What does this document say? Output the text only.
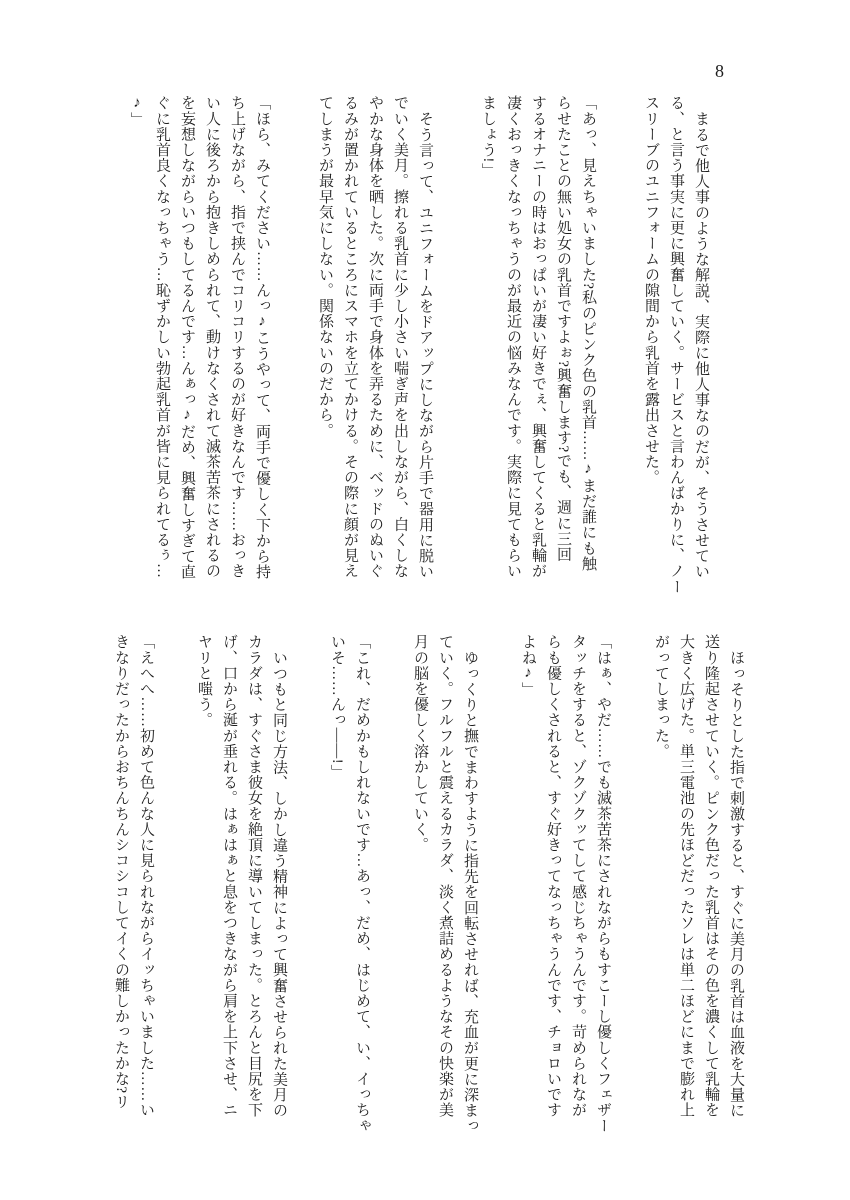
8
まるで他人事のような解説、実際に他人事なのだが、そうさせてい
る、と言う事実に更に興奮していく。サービスと言わんばかりに、ノー
スリーブのユニフォームの隙間から乳首を露出させた。
「あっ、見えちゃいました?私のピンク色の乳首……♪まだ誰にも触
らせたことの無い処女の乳首ですよぉ?興奮します?でも、週に三回
するオナニーの時はおっぱいが凄い好きでぇ、興奮してくると乳輪が
凄くおっきくなっちゃうのが最近の悩みなんです。実際に見てもらい
ましょう!」
そう言って、ユニフォームをドアップにしながら片手で器用に脱い
でいく美月。擦れる乳首に少し小さい喘ぎ声を出しながら、白くしな
やかな身体を晒した。次に両手で身体を弄るために、ベッドのぬいぐ
るみが置かれているところにスマホを立てかける。その際に顔が見え
てしまうが最早気にしない。関係ないのだから。
「ほら、みてください……んっ♪こうやって、両手で優しく下から持
ち上げながら、指で挟んでコリコリするのが好きなんです……おっき
い人に後ろから抱きしめられて、動けなくされて滅茶苦茶にされるの
を妄想しながらいつもしてるんです…んぁっ♪だめ、興奮しすぎて直
ぐに乳首良くなっちゃう…恥ずかしい勃起乳首が皆に見られてるぅ…
♪」
ほっそりとした指で刺激すると、すぐに美月の乳首は血液を大量に
送り隆起させていく。ピンク色だった乳首はその色を濃くして乳輪を
大きく広げた。単三電池の先ほどだったソレは単二ほどにまで膨れ上
がってしまった。
「はぁ、やだ……でも滅茶苦茶にされながらもすこーし優しくフェザー
タッチをすると、ゾクゾクッてして感じちゃうんです。苛められなが
らも優しくされると、すぐ好きってなっちゃうんです、チョロいです
よね♪」
ゆっくりと撫でまわすように指先を回転させれば、充血が更に深まっ
ていく。フルフルと震えるカラダ、淡く煮詰めるようなその快楽が美
月の脳を優しく溶かしていく。
「これ、だめかもしれないです…あっ、だめ、はじめて、い、イっちゃ
いそ……んっ——!」
いつもと同じ方法、しかし違う精神によって興奮させられた美月の
カラダは、すぐさま彼女を絶頂に導いてしまった。とろんと目尻を下
げ、口から涎が垂れる。はぁはぁと息をつきながら肩を上下させ、ニ
ヤリと嗤う。
「えへへ……初めて色んな人に見られながらイッちゃいました……い
きなりだったからおちんちんシコシコしてイくの難しかったかな?リ
